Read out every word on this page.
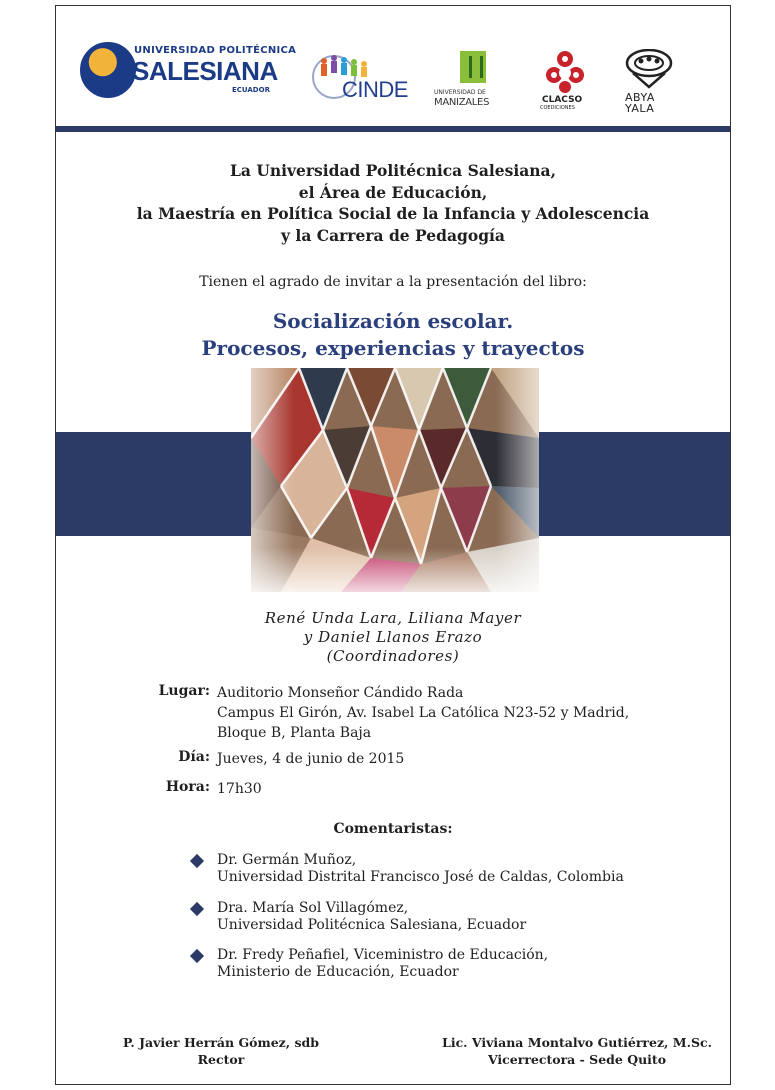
UNIVERSIDAD POLITÉCNICA
SALESIANA
ECUADOR	CINDE	UNIVERSIDAD DE
MANIZALES	CLACSO
COEDICIONES
ABYA
YALA
La Universidad Politécnica Salesiana,
el Área de Educación,
la Maestría en Política Social de la Infancia y Adolescencia
y la Carrera de Pedagogía
Tienen el agrado de invitar a la presentación del libro:
Socialización escolar.
Procesos, experiencias y trayectos
René Unda Lara, Liliana Mayer
y Daniel Llanos Erazo
(Coordinadores)
Lugar: Auditorio Monseñor Cándido Rada
Campus El Girón, Av. Isabel La Católica N23-52 y Madrid,
Bloque B, Planta Baja
Día: Jueves, 4 de junio de 2015
Hora: 17h30
Comentaristas:
Dr. Germán Muñoz,
Universidad Distrital Francisco José de Caldas, Colombia
Dra. María Sol Villagómez,
Universidad Politécnica Salesiana, Ecuador
Dr. Fredy Peñafiel, Viceministro de Educación,
Ministerio de Educación, Ecuador
P. Javier Herrán Gómez, sdb
Rector
Lic. Viviana Montalvo Gutiérrez, M.Sc.
Vicerrectora - Sede Quito
